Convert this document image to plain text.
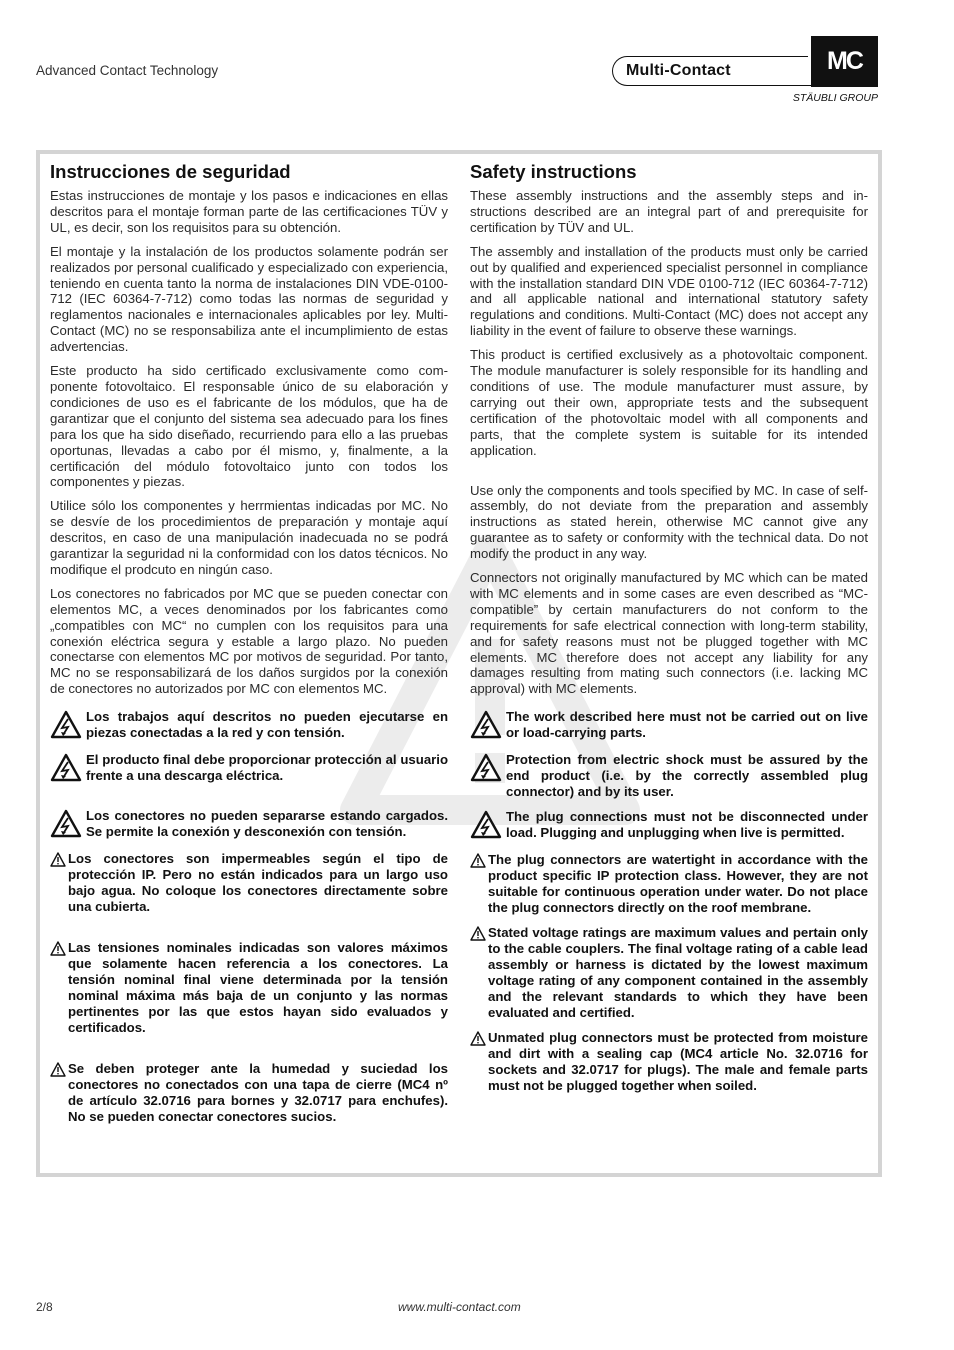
Advanced Contact Technology	Multi-Contact	MC
STÄUBLI GROUP
Instrucciones de seguridad

Estas instrucciones de montaje y los pasos e indicaciones en ellas descritos para el montaje forman parte de las certificaciones TÜV y UL, es decir, son los requisitos para su obtención.

El montaje y la instalación de los productos solamente podrán ser realizados por personal cualificado y especializado con experiencia, teniendo en cuenta tanto la norma de instalaciones DIN VDE-0100-712 (IEC 60364-7-712) como todas las normas de seguridad y reglamentos nacionales e internacionales aplicables por ley. Multi-Contact (MC) no se responsabiliza ante el incumplimiento de estas advertencias.

Este producto ha sido certificado exclusivamente como componente fotovoltaico. El responsable único de su elaboración y condiciones de uso es el fabricante de los módulos, que ha de garantizar que el conjunto del sistema sea adecuado para los fines para los que ha sido diseñado, recurriendo para ello a las pruebas oportunas, llevadas a cabo por él mismo, y, finalmente, a la certificación del módulo fotovoltaico junto con todos los componentes y piezas.

Utilice sólo los componentes y herrmientas indicadas por MC. No se desvíe de los procedimientos de preparación y montaje aquí descritos, en caso de una manipulación inadecuada no se podrá garantizar la seguridad ni la conformidad con los datos técnicos. No modifique el prodcuto en ningún caso.

Los conectores no fabricados por MC que se pueden conectar con elementos MC, a veces denominados por los fabricantes como „compatibles con MC“ no cumplen con los requisitos para una conexión eléctrica segura y estable a largo plazo. No pueden conectarse con elementos MC por motivos de seguridad. Por tanto, MC no se responsabilizará de los daños surgidos por la conexión de conectores no autorizados por MC con elementos MC.

Los trabajos aquí descritos no pueden ejecutarse en piezas conectadas a la red y con tensión.
El producto final debe proporcionar protección al usuario frente a una descarga eléctrica.
Los conectores no pueden separarse estando cargados. Se permite la conexión y desconexión con tensión.
Los conectores son impermeables según el tipo de protección IP. Pero no están indicados para un largo uso bajo agua. No coloque los conectores directamente sobre una cubierta.
Las tensiones nominales indicadas son valores máximos que solamente hacen referencia a los conectores. La tensión nominal final viene determinada por la tensión nominal máxima más baja de un conjunto y las normas pertinentes por las que estos hayan sido evaluados y certificados.
Se deben proteger ante la humedad y suciedad los conectores no conectados con una tapa de cierre (MC4 nº de artículo 32.0716 para bornes y 32.0717 para enchufes). No se pueden conectar conectores sucios.
Safety instructions

These assembly instructions and the assembly steps and instructions described are an integral part of and prerequisite for certification by TÜV and UL.

The assembly and installation of the products must only be carried out by qualified and experienced specialist personnel in compliance with the installation standard DIN VDE 0100-712 (IEC 60364-7-712) and all applicable national and international statutory safety regulations and conditions. Multi-Contact (MC) does not accept any liability in the event of failure to observe these warnings.

This product is certified exclusively as a photovoltaic component. The module manufacturer is solely responsible for its handling and conditions of use. The module manufacturer must assure, by carrying out their own, appropriate tests and the subsequent certification of the photovoltaic model with all components and parts, that the complete system is suitable for its intended application.

Use only the components and tools specified by MC. In case of self-assembly, do not deviate from the preparation and assembly instructions as stated herein, otherwise MC cannot give any guarantee as to safety or conformity with the technical data. Do not modify the product in any way.

Connectors not originally manufactured by MC which can be mated with MC elements and in some cases are even described as “MC-compatible” by certain manufacturers do not conform to the requirements for safe electrical connection with long-term stability, and for safety reasons must not be plugged together with MC elements. MC therefore does not accept any liability for any damages resulting from mating such connectors (i.e. lacking MC approval) with MC elements.

The work described here must not be carried out on live or load-carrying parts.
Protection from electric shock must be assured by the end product (i.e. by the correctly assembled plug connector) and by its user.
The plug connections must not be disconnected under load. Plugging and unplugging when live is permitted.
The plug connectors are watertight in accordance with the product specific IP protection class. However, they are not suitable for continuous operation under water. Do not place the plug connectors directly on the roof membrane.
Stated voltage ratings are maximum values and pertain only to the cable couplers. The final voltage rating of a cable lead assembly or harness is dictated by the lowest maximum voltage rating of any component contained in the assembly and the relevant standards to which they have been evaluated and certified.
Unmated plug connectors must be protected from moisture and dirt with a sealing cap (MC4 article No. 32.0716 for sockets and 32.0717 for plugs). The male and female parts must not be plugged together when soiled.
2/8	www.multi-contact.com
